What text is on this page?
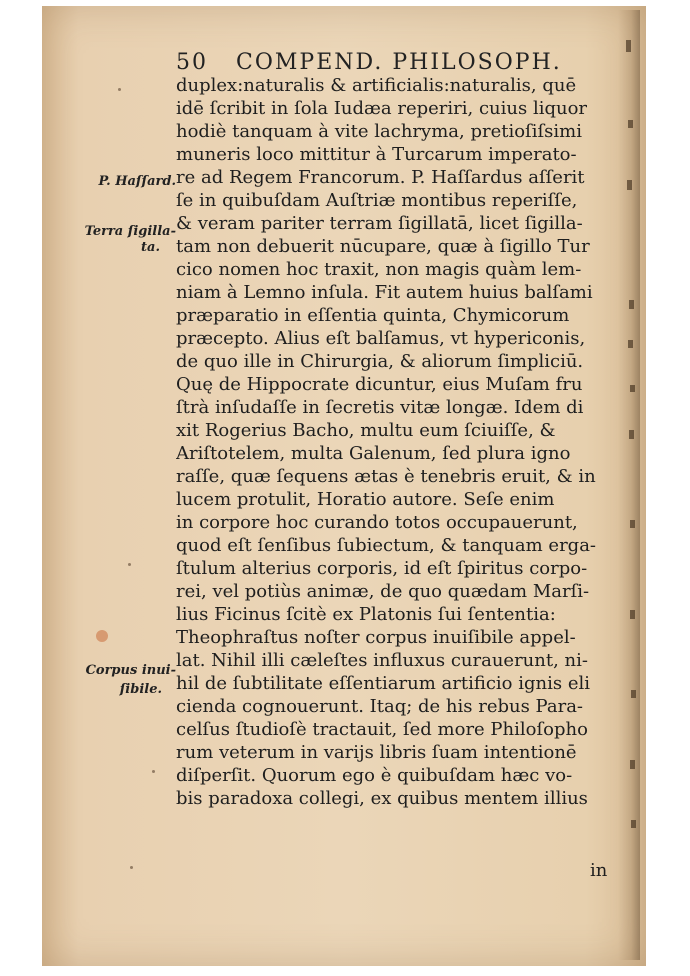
50 COMPEND. PHILOSOPH.
P. Haſſard.
Terra ſigilla-
ta.
Corpus inui-
ſibile.
duplex:naturalis & artificialis:naturalis, quē
idē ſcribit in ſola Iudæa reperiri, cuius liquor
hodiè tanquam à vite lachryma, pretioſiſsimi
muneris loco mittitur à Turcarum imperato-
re ad Regem Francorum. P. Haſſardus aſſerit
ſe in quibuſdam Auſtriæ montibus reperiſſe,
& veram pariter terram ſigillatā, licet ſigilla-
tam non debuerit nūcupare, quæ à ſigillo Tur
cico nomen hoc traxit, non magis quàm lem-
niam à Lemno inſula. Fit autem huius balſami
præparatio in eſſentia quinta, Chymicorum
præcepto. Alius eſt balſamus, vt hypericonis,
de quo ille in Chirurgia, & aliorum ſimpliciū.
Quę de Hippocrate dicuntur, eius Muſam fru
ſtrà inſudaſſe in ſecretis vitæ longæ. Idem di
xit Rogerius Bacho, multu eum ſciuiſſe, &
Ariſtotelem, multa Galenum, ſed plura igno
raſſe, quæ ſequens ætas è tenebris eruit, & in
lucem protulit, Horatio autore. Seſe enim
in corpore hoc curando totos occupauerunt,
quod eſt ſenſibus ſubiectum, & tanquam erga-
ſtulum alterius corporis, id eſt ſpiritus corpo-
rei, vel potiùs animæ, de quo quædam Marſi-
lius Ficinus ſcitè ex Platonis ſui ſententia:
Theophraſtus noſter corpus inuiſibile appel-
lat. Nihil illi cæleſtes influxus curauerunt, ni-
hil de ſubtilitate eſſentiarum artificio ignis eli
cienda cognouerunt. Itaq; de his rebus Para-
celſus ſtudioſè tractauit, ſed more Philoſopho
rum veterum in varijs libris ſuam intentionē
diſperſit. Quorum ego è quibuſdam hæc vo-
bis paradoxa collegi, ex quibus mentem illius
in
